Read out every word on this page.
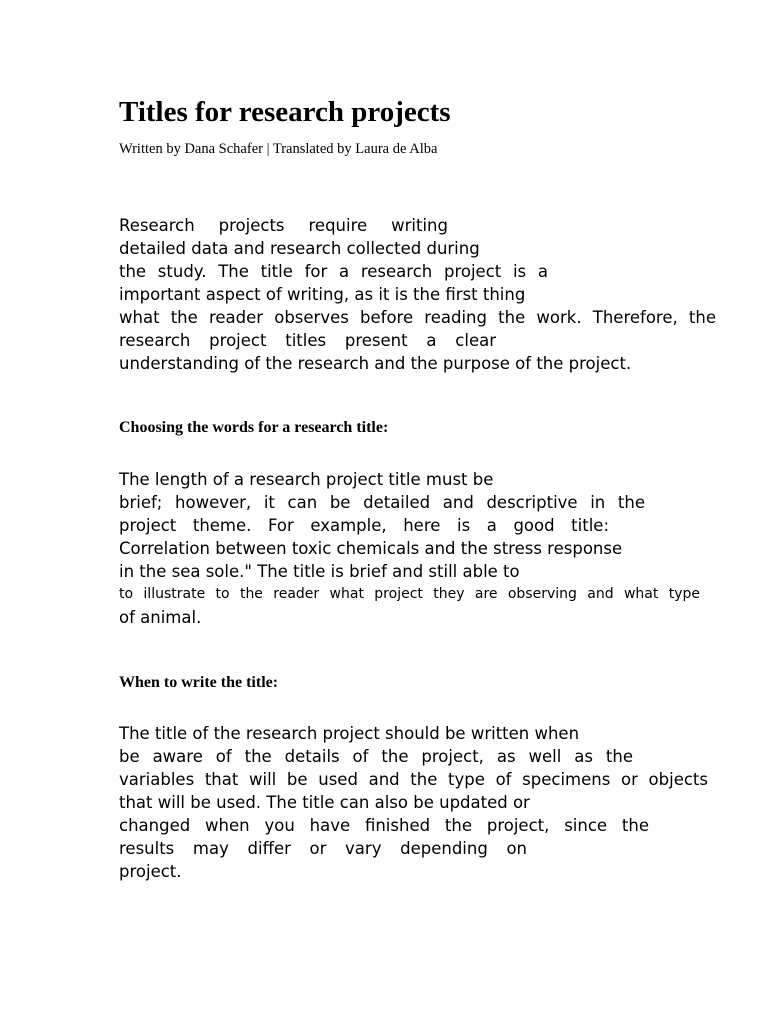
Titles for research projects

Written by Dana Schafer | Translated by Laura de Alba

Research projects require writing
detailed data and research collected during
the study. The title for a research project is a
important aspect of writing, as it is the first thing
what the reader observes before reading the work. Therefore, the
research project titles present a clear
understanding of the research and the purpose of the project.
Choosing the words for a research title:
The length of a research project title must be
brief; however, it can be detailed and descriptive in the
project theme. For example, here is a good title:
Correlation between toxic chemicals and the stress response
in the sea sole." The title is brief and still able to
to illustrate to the reader what project they are observing and what type
of animal.
When to write the title:
The title of the research project should be written when
be aware of the details of the project, as well as the
variables that will be used and the type of specimens or objects
that will be used. The title can also be updated or
changed when you have finished the project, since the
results may differ or vary depending on
project.
